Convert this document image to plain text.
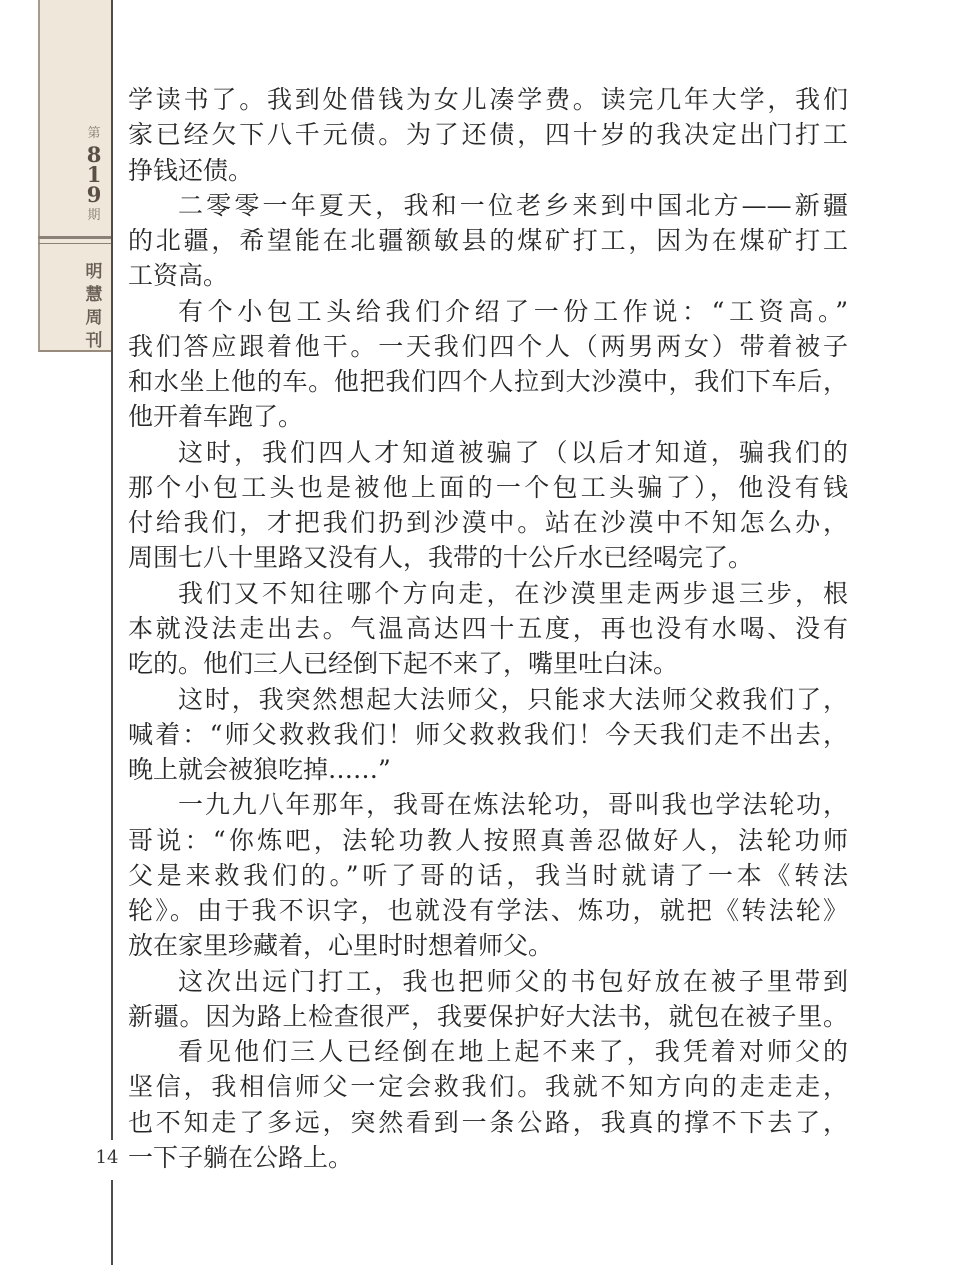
第
819
期
明慧周刊
14
学读书了。我到处借钱为女儿凑学费。读完几年大学，我们
家已经欠下八千元债。为了还债，四十岁的我决定出门打工
挣钱还债。
二零零一年夏天，我和一位老乡来到中国北方——新疆
的北疆，希望能在北疆额敏县的煤矿打工，因为在煤矿打工
工资高。
有个小包工头给我们介绍了一份工作说：“工资高。”
我们答应跟着他干。一天我们四个人（两男两女）带着被子
和水坐上他的车。他把我们四个人拉到大沙漠中，我们下车后，
他开着车跑了。
这时，我们四人才知道被骗了（以后才知道，骗我们的
那个小包工头也是被他上面的一个包工头骗了），他没有钱
付给我们，才把我们扔到沙漠中。站在沙漠中不知怎么办，
周围七八十里路又没有人，我带的十公斤水已经喝完了。
我们又不知往哪个方向走，在沙漠里走两步退三步，根
本就没法走出去。气温高达四十五度，再也没有水喝、没有
吃的。他们三人已经倒下起不来了，嘴里吐白沫。
这时，我突然想起大法师父，只能求大法师父救我们了，
喊着：“师父救救我们！师父救救我们！今天我们走不出去，
晚上就会被狼吃掉……”
一九九八年那年，我哥在炼法轮功，哥叫我也学法轮功，
哥说：“你炼吧，法轮功教人按照真善忍做好人，法轮功师
父是来救我们的。”听了哥的话，我当时就请了一本《转法
轮》。由于我不识字，也就没有学法、炼功，就把《转法轮》
放在家里珍藏着，心里时时想着师父。
这次出远门打工，我也把师父的书包好放在被子里带到
新疆。因为路上检查很严，我要保护好大法书，就包在被子里。
看见他们三人已经倒在地上起不来了，我凭着对师父的
坚信，我相信师父一定会救我们。我就不知方向的走走走，
也不知走了多远，突然看到一条公路，我真的撑不下去了，
一下子躺在公路上。
